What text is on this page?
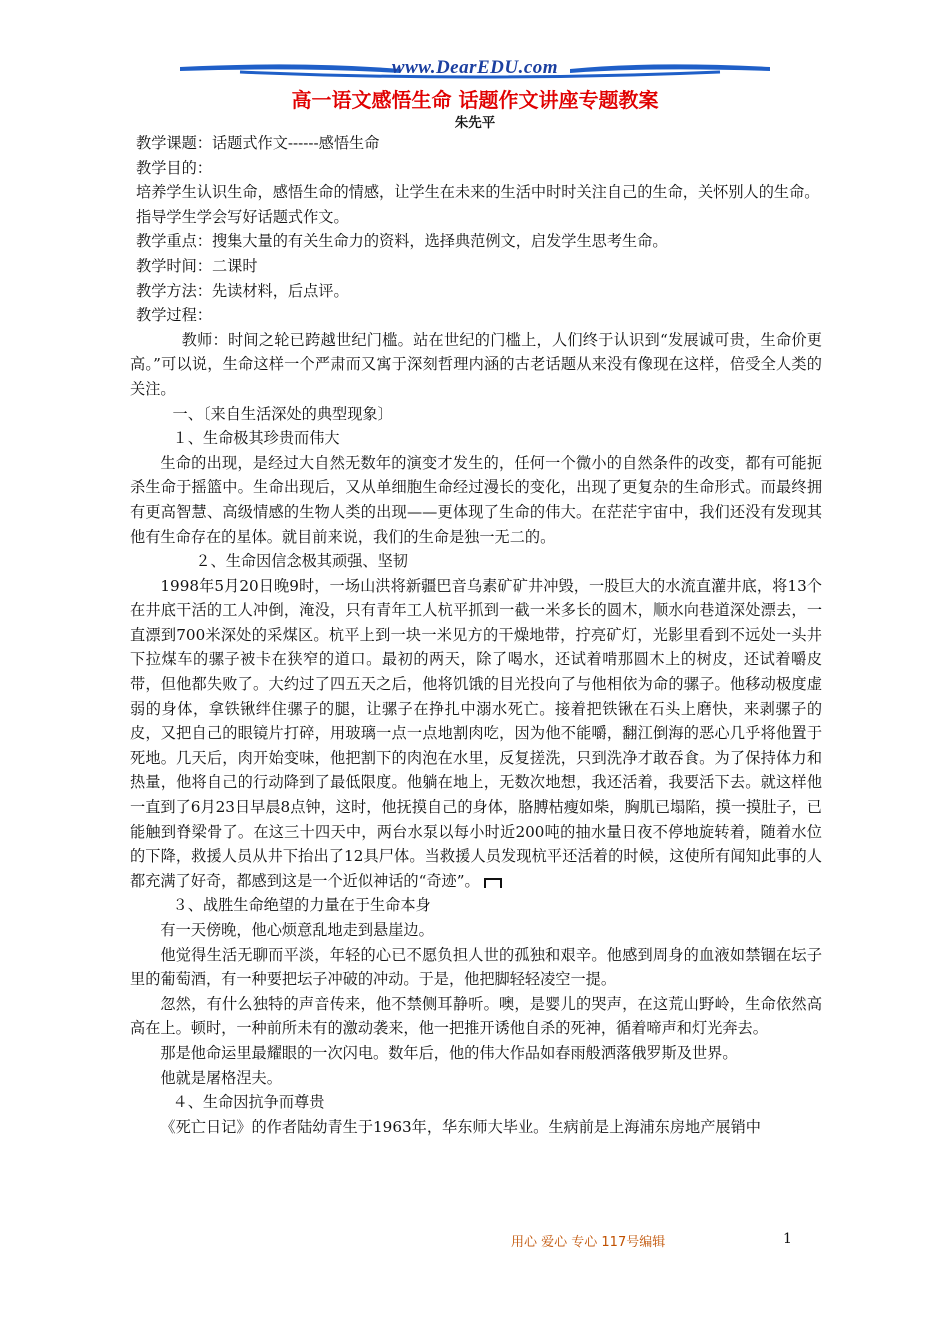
www.DearEDU.com
高一语文感悟生命 话题作文讲座专题教案
朱先平

教学课题：话题式作文------感悟生命

教学目的：

培养学生认识生命，感悟生命的情感，让学生在未来的生活中时时关注自己的生命，关怀别人的生命。

指导学生学会写好话题式作文。

教学重点：搜集大量的有关生命力的资料，选择典范例文，启发学生思考生命。

教学时间：二课时

教学方法：先读材料，后点评。

教学过程：

教师：时间之轮已跨越世纪门槛。站在世纪的门槛上，人们终于认识到“发展诚可贵，生命价更高。”可以说，生命这样一个严肃而又寓于深刻哲理内涵的古老话题从来没有像现在这样，倍受全人类的关注。

一、〔来自生活深处的典型现象〕

１、生命极其珍贵而伟大

生命的出现，是经过大自然无数年的演变才发生的，任何一个微小的自然条件的改变，都有可能扼杀生命于摇篮中。生命出现后，又从单细胞生命经过漫长的变化，出现了更复杂的生命形式。而最终拥有更高智慧、高级情感的生物人类的出现——更体现了生命的伟大。在茫茫宇宙中，我们还没有发现其他有生命存在的星体。就目前来说，我们的生命是独一无二的。

２、生命因信念极其顽强、坚韧

1998年5月20日晚9时，一场山洪将新疆巴音乌素矿矿井冲毁，一股巨大的水流直灌井底，将13个在井底干活的工人冲倒，淹没，只有青年工人杭平抓到一截一米多长的圆木，顺水向巷道深处漂去，一直漂到700米深处的采煤区。杭平上到一块一米见方的干燥地带，拧亮矿灯，光影里看到不远处一头井下拉煤车的骡子被卡在狭窄的道口。最初的两天，除了喝水，还试着啃那圆木上的树皮，还试着嚼皮带，但他都失败了。大约过了四五天之后，他将饥饿的目光投向了与他相依为命的骡子。他移动极度虚弱的身体，拿铁锹绊住骡子的腿，让骡子在挣扎中溺水死亡。接着把铁锹在石头上磨快，来剥骡子的皮，又把自己的眼镜片打碎，用玻璃一点一点地割肉吃，因为他不能嚼，翻江倒海的恶心几乎将他置于死地。几天后，肉开始变味，他把割下的肉泡在水里，反复搓洗，只到洗净才敢吞食。为了保持体力和热量，他将自己的行动降到了最低限度。他躺在地上，无数次地想，我还活着，我要活下去。就这样他一直到了6月23日早晨8点钟，这时，他抚摸自己的身体，胳膊枯瘦如柴，胸肌已塌陷，摸一摸肚子，已能触到脊梁骨了。在这三十四天中，两台水泵以每小时近200吨的抽水量日夜不停地旋转着，随着水位的下降，救援人员从井下抬出了12具尸体。当救援人员发现杭平还活着的时候，这使所有闻知此事的人都充满了好奇，都感到这是一个近似神话的“奇迹”。

３、战胜生命绝望的力量在于生命本身

有一天傍晚，他心烦意乱地走到悬崖边。

他觉得生活无聊而平淡，年轻的心已不愿负担人世的孤独和艰辛。他感到周身的血液如禁锢在坛子里的葡萄酒，有一种要把坛子冲破的冲动。于是，他把脚轻轻凌空一提。

忽然，有什么独特的声音传来，他不禁侧耳静听。噢，是婴儿的哭声，在这荒山野岭，生命依然高高在上。顿时，一种前所未有的激动袭来，他一把推开诱他自杀的死神，循着啼声和灯光奔去。

那是他命运里最耀眼的一次闪电。数年后，他的伟大作品如春雨般洒落俄罗斯及世界。

他就是屠格涅夫。

４、生命因抗争而尊贵

《死亡日记》的作者陆幼青生于1963年，华东师大毕业。生病前是上海浦东房地产展销中

用心 爱心 专心 117号编辑	1
